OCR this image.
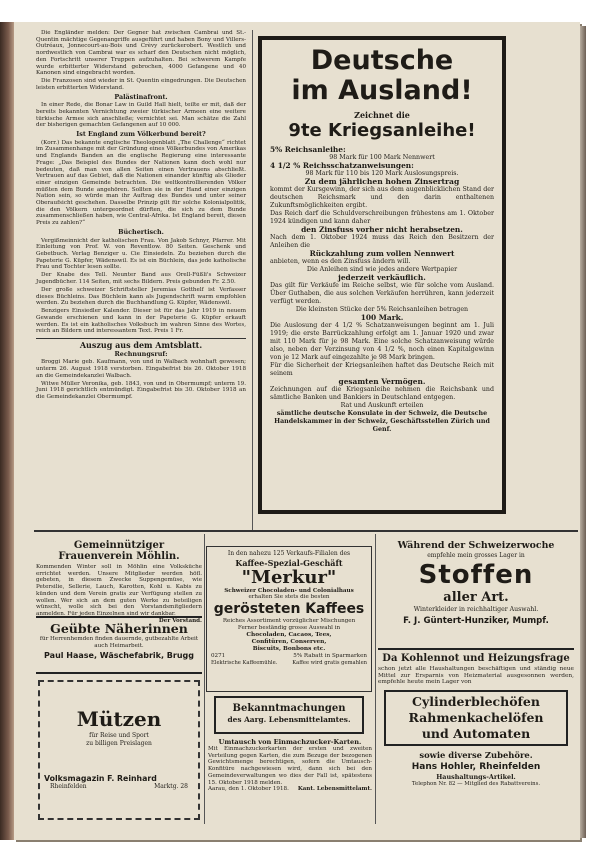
Die Engländer melden: Der Gegner hat zwischen Cambrai und St.-Quentin mächtige Gegenangriffe ausgeführt und haben Bony und Villers-Outréaux, Jonnecourt-au-Bois und Crèvy zurückerobert. Westlich und nordwestlich von Cambrai war es scharf den Deutschen nicht möglich, den Fortschritt unserer Truppen aufzuhalten. Bei schwerem Kampfe wurde erbitterter Widerstand gebrochen, 4000 Gefangene und 40 Kanonen sind eingebracht worden.

Die Franzosen sind wieder in St. Quentin eingedrungen. Die Deutschen leisten erbitterten Widerstand.

Palästinafront.

In einer Rede, die Bonar Law in Guild Hall hielt, teilte er mit, daß der bereits bekannten Vernichtung zweier türkischer Armeen eine weitere türkische Armee sich anschließe; vernichtet sei. Man schätze die Zahl der bisherigen gemachten Gefangenen auf 10 000.

Ist England zum Völkerbund bereit?

(Korr.) Das bekannte englische Theologenblatt „The Challenge“ richtet im Zusammenhange mit der Gründung eines Völkerbundes von Amerikas und Englands Banden an die englische Regierung eine interessante Frage: „Das Beispiel des Bundes der Nationen kann doch wohl nur bedeuten, daß man von allen Seiten einen Vertrauens abschließt. Vertrauen auf das Gebiet, daß die Nationen einander künftig als Glieder einer einzigen Gemeinde betrachten. Die weltkontrollierenden Völker müßten dem Bunde angehören. Sollten sie in der Hand einer einzigen Nation sein, so würde man ihr Auftrag des Bundes und unter seiner Oberaufsicht geschehen. Dasselbe Prinzip gilt für solche Kolonialpolitik, die den Völkern untergeordnet dürften, die sich zu dem Bunde zusammenschließen haben, wie Central-Afrika. Ist England bereit, diesen Preis zu zahlen?“

Büchertisch.

Vergißmeinnicht der katholischen Frau. Von Jakob Schnyr, Pfarrer. Mit Einleitung von Prof. W. von Reventlow. 80 Seiten. Geschenk und Gebetbuch. Verlag Benziger u. Cie Einsiedeln. Zu beziehen durch die Papeterie G. Küpfer, Wädenswil. Es ist ein Büchlein, das jede katholische Frau und Tochter lesen sollte.

Der Knabe des Tell. Neunter Band aus Orell-Füßli's Schweizer Jugendbücher. 114 Seiten, mit sechs Bildern. Preis gebunden Fr. 2.50.

Der große schweizer Schriftsteller Jeremias Gotthelf ist Verfasser dieses Büchleins. Das Büchlein kann als Jugendschrift warm empfohlen werden. Zu beziehen durch die Buchhandlung G. Küpfer, Wädenswil.

Benzigers Einsiedler Kalender. Dieser ist für das Jahr 1919 in neuem Gewande erschienen und kann in der Papeterie G. Küpfer erkauft werden. Es ist ein katholisches Volksbuch im wahren Sinne des Wortes, reich an Bildern und interessantem Text. Preis 1 Fr.

Auszug aus dem Amtsblatt.

Rechnungsruf:

Broggi Marie geb. Kaufmann, von und in Walbach wohnhaft gewesen; unterm 26. August 1918 verstorben. Eingabefrist bis 26. Oktober 1918 an die Gemeindekanzlei Walbach.

Witwe Müller Veronika, geb. 1843, von und in Obermumpf; unterm 19. Juni 1918 gerichtlich entmündigt. Eingabefrist bis 30. Oktober 1918 an die Gemeindekanzlei Obermumpf.

Deutsche
im Ausland!
Zeichnet die
9te Kriegsanleihe!
5% Reichsanleihe:
98 Mark für 100 Mark Nennwert
4 1/2 % Reichsschatzanweisungen:
98 Mark für 110 bis 120 Mark Auslosungspreis.
Zu dem jährlichen hohen Zinsertrag
kommt der Kursgewinn, der sich aus dem augenblicklichen Stand der deutschen Reichsmark und den darin enthaltenen Zukunftsmöglichkeiten ergibt.
Das Reich darf die Schuldverschreibungen frühestens am 1. Oktober 1924 kündigen und kann daher
den Zinsfuss vorher nicht herabsetzen.
Nach dem 1. Oktober 1924 muss das Reich den Besitzern der Anleihen die
Rückzahlung zum vollen Nennwert
anbieten, wenn es den Zinsfuss ändern will.
Die Anleihen sind wie jedes andere Wertpapier
jederzeit verkäuflich.
Das gilt für Verkäufe im Reiche selbst, wie für solche vom Ausland. Über Guthaben, die aus solchen Verkäufen herrühren, kann jederzeit verfügt werden.
Die kleinsten Stücke der 5% Reichsanleihen betragen
100 Mark.
Die Auslosung der 4 1/2 % Schatzanweisungen beginnt am 1. Juli 1919; die erste Barrückzahlung erfolgt am 1. Januar 1920 und zwar mit 110 Mark für je 98 Mark. Eine solche Schatzanweisung würde also, neben der Verzinsung von 4 1/2 %, noch einen Kapitalgewinn von je 12 Mark auf eingezahlte je 98 Mark bringen.
Für die Sicherheit der Kriegsanleihen haftet das Deutsche Reich mit seinem
gesamten Vermögen.
Zeichnungen auf die Kriegsanleihe nehmen die Reichsbank und sämtliche Banken und Bankiers in Deutschland entgegen.
Rat und Auskunft erteilen
sämtliche deutsche Konsulate in der Schweiz, die Deutsche Handelskammer in der Schweiz, Geschäftsstellen Zürich und Genf.
Gemeinnütziger Frauenverein Möhlin.
Kommenden Winter soll in Möhlin eine Volksküche errichtet werden. Unsere Mitglieder werden höfl. gebeten, in diesem Zwecke Suppengemüse, wie Petersilie, Sellerie, Lauch, Karotten, Kohl u. Kabis zu künden und dem Verein gratis zur Verfügung stellen zu wollen. Wer sich an dem guten Werke zu beteiligen wünscht, wolle sich bei den Vorstandsmitgliedern anmelden. Für jeden Einzelnen sind wir dankbar.
Der Vorstand.
Geübte Näherinnen
für Herrenhemden finden dauernde, gutbezahlte Arbeit auch Heimarbeit.
Paul Haase, Wäschefabrik, Brugg
Mützen
für Reise und Sport
zu billigen Preislagen
Volksmagazin F. Reinhard
Rheinfelden	Marktg. 28
In den nahezu 125 Verkaufs-Filialen des
Kaffee-Spezial-Geschäft
"Merkur"
Schweizer Chocoladen- und Colonialhaus
erhalten Sie stets die besten
gerösteten Kaffees
Reiches Assortiment vorzüglicher Mischungen
Ferner beständig grosse Auswahl in
Chocoladen, Cacaos, Tees,
Confitüren, Conserven,
Biscuits, Bonbons etc.
0271	5% Rabatt in Sparmarken
Elektrische Kaffeemühle.	Kaffee wird gratis gemahlen
Bekanntmachungen
des Aarg. Lebensmittelamtes.
Umtausch von Einmachzucker-Karten.
Mit Einmachzuckerkarten der ersten und zweiten Verteilung gegen Karten, die zum Bezuge der bezogenen Gewichtsmenge berechtigen, sofern die Umtausch-Konfitüre nachgewiesen wird, dann sich bei den Gemeindeverwaltungen wo dies der Fall ist, spätestens 15. Oktober 1918 melden.
Aarau, den 1. Oktober 1918. Kant. Lebensmittelamt.
Während der Schweizerwoche
empfehle mein grosses Lager in
Stoffen
aller Art.
Winterkleider in reichhaltiger Auswahl.
F. J. Güntert-Hunziker, Mumpf.
Da Kohlennot und Heizungsfrage
schon jetzt alle Haushaltungen beschäftigen und ständig neue Mittel zur Ersparnis von Heizmaterial ausgesonnen werden, empfehle heute mein Lager von
Cylinderblechöfen
Rahmenkachelöfen
und Automaten
sowie diverse Zubehöre.
Hans Hohler, Rheinfelden
Haushaltungs-Artikel.
Telephon Nr. 82 — Mitglied des Rabattvereins.
